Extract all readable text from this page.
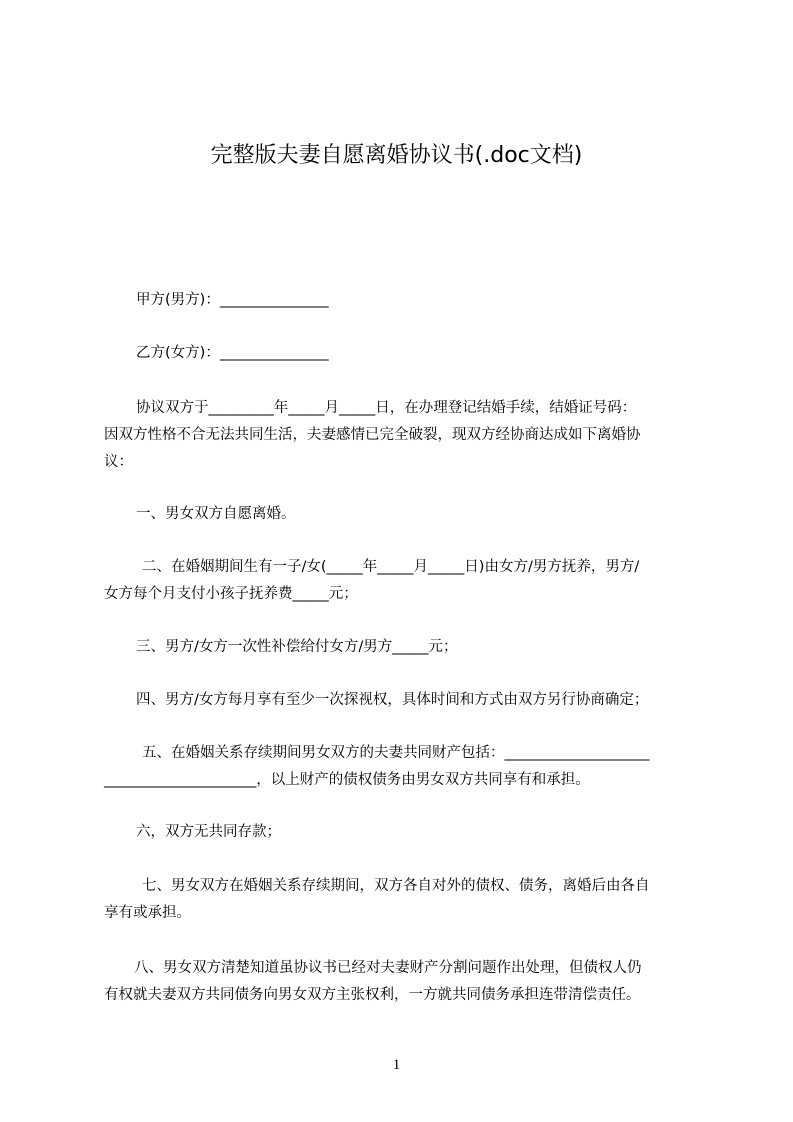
完整版夫妻自愿离婚协议书(.doc文档)

甲方(男方)：_______________

乙方(女方)：_______________

协议双方于_________年_____月_____日，在办理登记结婚手续，结婚证号码：
因双方性格不合无法共同生活，夫妻感情已完全破裂，现双方经协商达成如下离婚协
议：

一、男女双方自愿离婚。

二、在婚姻期间生有一子/女(_____年_____月_____日)由女方/男方抚养，男方/
女方每个月支付小孩子抚养费_____元；

三、男方/女方一次性补偿给付女方/男方_____元；

四、男方/女方每月享有至少一次探视权，具体时间和方式由双方另行协商确定；

五、在婚姻关系存续期间男女双方的夫妻共同财产包括：____________________
_____________________，以上财产的债权债务由男女双方共同享有和承担。

六，双方无共同存款；

七、男女双方在婚姻关系存续期间，双方各自对外的债权、债务，离婚后由各自
享有或承担。

八、男女双方清楚知道虽协议书已经对夫妻财产分割问题作出处理，但债权人仍
有权就夫妻双方共同债务向男女双方主张权利，一方就共同债务承担连带清偿责任。

1
